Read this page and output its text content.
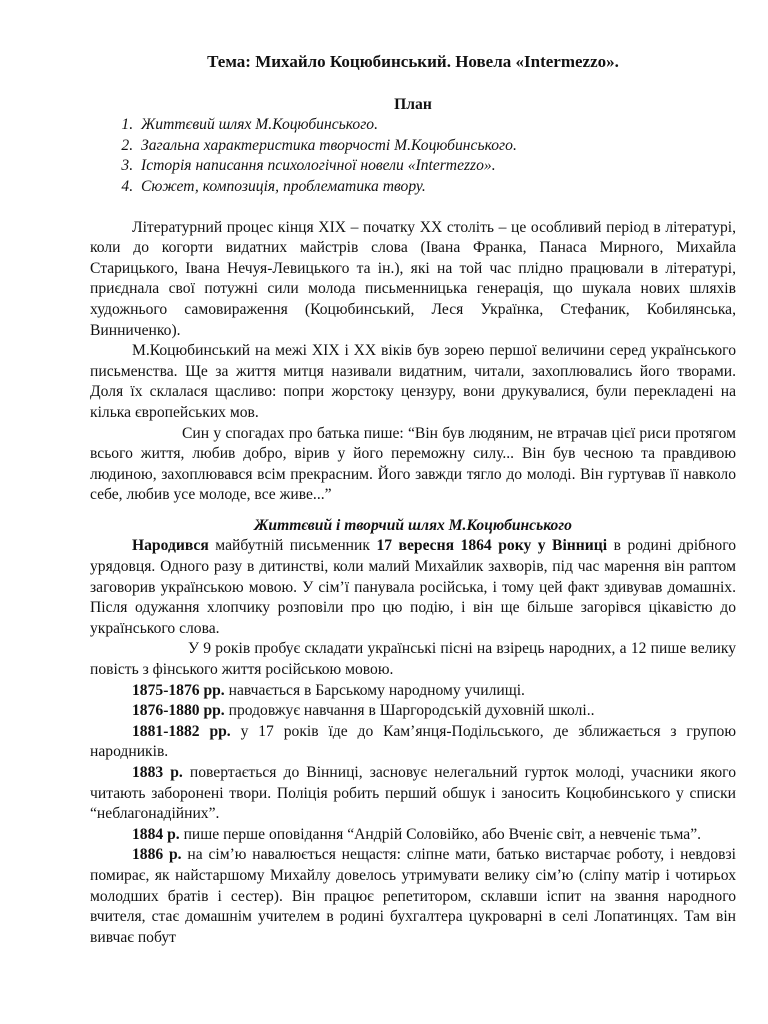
Тема: Михайло Коцюбинський. Новела «Intermezzo».
План
1. Життєвий шлях М.Коцюбинського.
2. Загальна характеристика творчості М.Коцюбинського.
3. Історія написання психологічної новели «Intermezzo».
4. Сюжет, композиція, проблематика твору.

Літературний процес кінця XIX – початку XX століть – це особливий період в літературі, коли до когорти видатних майстрів слова (Івана Франка, Панаса Мирного, Михайла Старицького, Івана Нечуя-Левицького та ін.), які на той час плідно працювали в літературі, приєднала свої потужні сили молода письменницька генерація, що шукала нових шляхів художнього самовираження (Коцюбинський, Леся Українка, Стефаник, Кобилянська, Винниченко).

М.Коцюбинський на межі XIX і XX віків був зорею першої величини серед українського письменства. Ще за життя митця називали видатним, читали, захоплювались його творами. Доля їх склалася щасливо: попри жорстоку цензуру, вони друкувалися, були перекладені на кілька європейських мов.

Син у спогадах про батька пише: “Він був людяним, не втрачав цієї риси протягом всього життя, любив добро, вірив у його переможну силу... Він був чесною та правдивою людиною, захоплювався всім прекрасним. Його завжди тягло до молоді. Він гуртував її навколо себе, любив усе молоде, все живе...”

Життєвий і творчий шлях М.Коцюбинського

Народився майбутній письменник 17 вересня 1864 року у Вінниці в родині дрібного урядовця. Одного разу в дитинстві, коли малий Михайлик захворів, під час марення він раптом заговорив українською мовою. У сім’ї панувала російська, і тому цей факт здивував домашніх. Після одужання хлопчику розповіли про цю подію, і він ще більше загорівся цікавістю до українського слова.

У 9 років пробує складати українські пісні на взірець народних, а 12 пише велику повість з фінського життя російською мовою.

1875-1876 рр. навчається в Барському народному училищі.

1876-1880 рр. продовжує навчання в Шаргородській духовній школі..

1881-1882 рр. у 17 років їде до Кам’янця-Подільського, де зближається з групою народників.

1883 р. повертається до Вінниці, засновує нелегальний гурток молоді, учасники якого читають заборонені твори. Поліція робить перший обшук і заносить Коцюбинського у списки “неблагонадійних”.

1884 р. пише перше оповідання “Андрій Соловійко, або Вченіє світ, а невченіє тьма”.

1886 р. на сім’ю навалюється нещастя: сліпне мати, батько вистарчає роботу, і невдовзі помирає, як найстаршому Михайлу довелось утримувати велику сім’ю (сліпу матір і чотирьох молодших братів і сестер). Він працює репетитором, склавши іспит на звання народного вчителя, стає домашнім учителем в родині бухгалтера цукроварні в селі Лопатинцях. Там він вивчає побут
